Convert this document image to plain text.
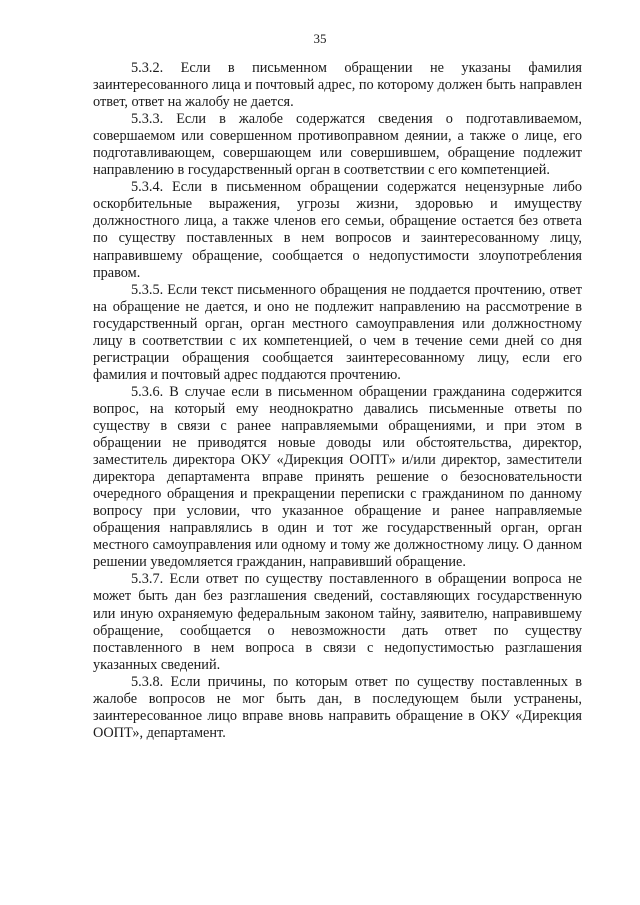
35

5.3.2. Если в письменном обращении не указаны фамилия заинтересованного лица и почтовый адрес, по которому должен быть направлен ответ, ответ на жалобу не дается.

5.3.3. Если в жалобе содержатся сведения о подготавливаемом, совершаемом или совершенном противоправном деянии, а также о лице, его подготавливающем, совершающем или совершившем, обращение подлежит направлению в государственный орган в соответствии с его компетенцией.

5.3.4. Если в письменном обращении содержатся нецензурные либо оскорбительные выражения, угрозы жизни, здоровью и имуществу должностного лица, а также членов его семьи, обращение остается без ответа по существу поставленных в нем вопросов и заинтересованному лицу, направившему обращение, сообщается о недопустимости злоупотребления правом.

5.3.5. Если текст письменного обращения не поддается прочтению, ответ на обращение не дается, и оно не подлежит направлению на рассмотрение в государственный орган, орган местного самоуправления или должностному лицу в соответствии с их компетенцией, о чем в течение семи дней со дня регистрации обращения сообщается заинтересованному лицу, если его фамилия и почтовый адрес поддаются прочтению.

5.3.6. В случае если в письменном обращении гражданина содержится вопрос, на который ему неоднократно давались письменные ответы по существу в связи с ранее направляемыми обращениями, и при этом в обращении не приводятся новые доводы или обстоятельства, директор, заместитель директора ОКУ «Дирекция ООПТ» и/или директор, заместители директора департамента вправе принять решение о безосновательности очередного обращения и прекращении переписки с гражданином по данному вопросу при условии, что указанное обращение и ранее направляемые обращения направлялись в один и тот же государственный орган, орган местного самоуправления или одному и тому же должностному лицу. О данном решении уведомляется гражданин, направивший обращение.

5.3.7. Если ответ по существу поставленного в обращении вопроса не может быть дан без разглашения сведений, составляющих государственную или иную охраняемую федеральным законом тайну, заявителю, направившему обращение, сообщается о невозможности дать ответ по существу поставленного в нем вопроса в связи с недопустимостью разглашения указанных сведений.

5.3.8. Если причины, по которым ответ по существу поставленных в жалобе вопросов не мог быть дан, в последующем были устранены, заинтересованное лицо вправе вновь направить обращение в ОКУ «Дирекция ООПТ», департамент.
